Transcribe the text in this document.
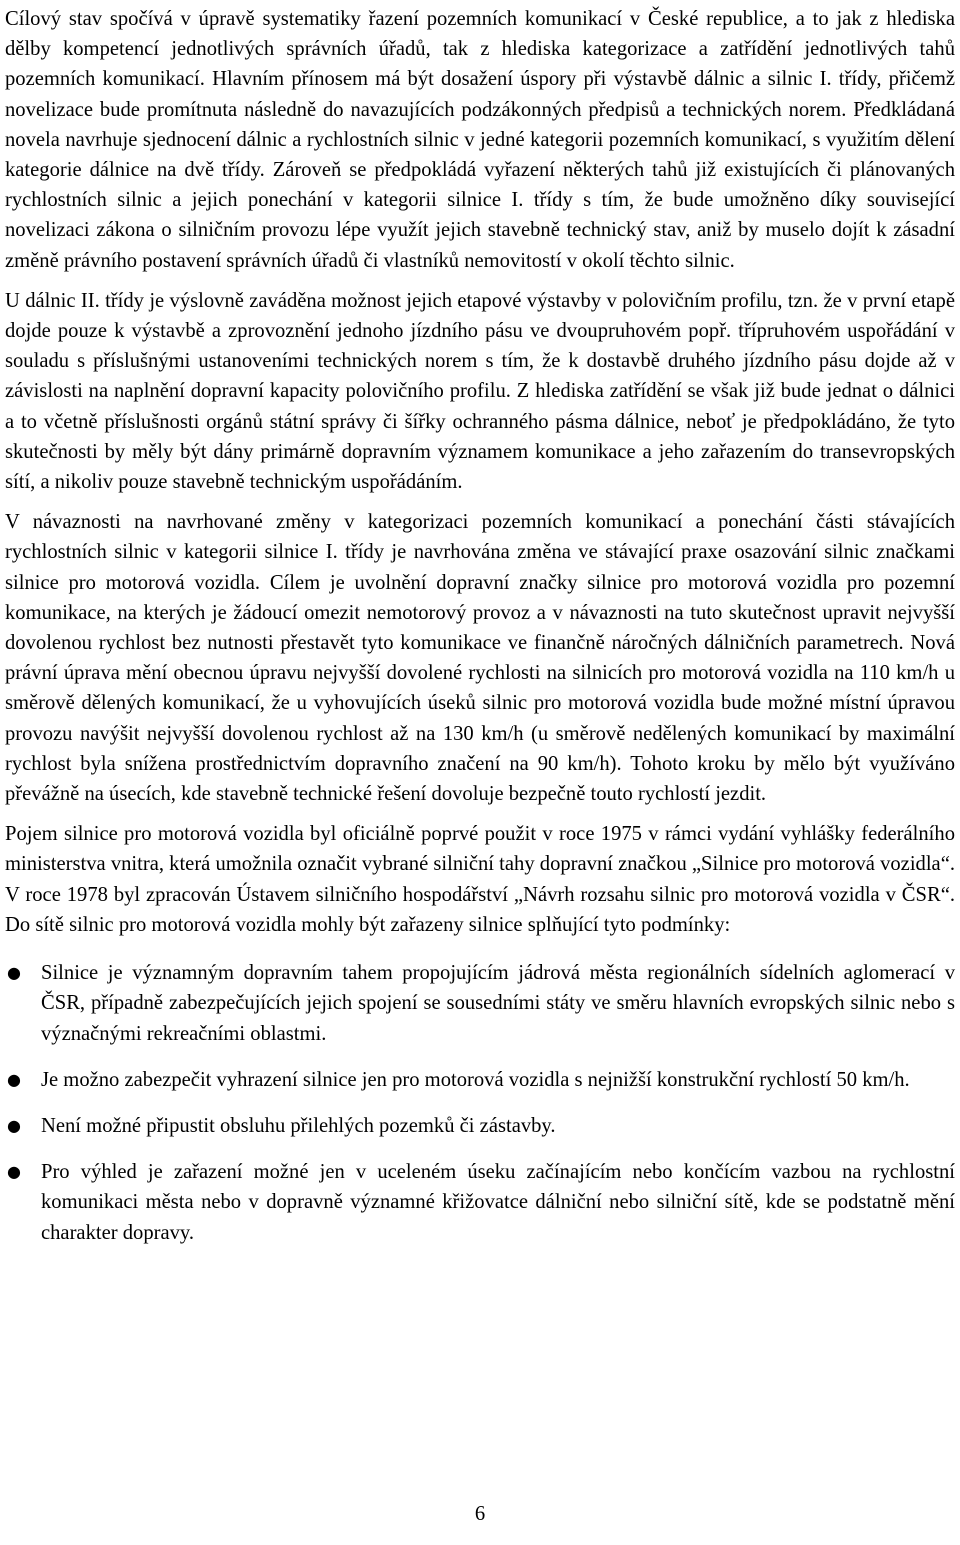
Cílový stav spočívá v úpravě systematiky řazení pozemních komunikací v České republice, a to jak z hlediska dělby kompetencí jednotlivých správních úřadů, tak z hlediska kategorizace a zatřídění jednotlivých tahů pozemních komunikací. Hlavním přínosem má být dosažení úspory při výstavbě dálnic a silnic I. třídy, přičemž novelizace bude promítnuta následně do navazujících podzákonných předpisů a technických norem. Předkládaná novela navrhuje sjednocení dálnic a rychlostních silnic v jedné kategorii pozemních komunikací, s využitím dělení kategorie dálnice na dvě třídy. Zároveň se předpokládá vyřazení některých tahů již existujících či plánovaných rychlostních silnic a jejich ponechání v kategorii silnice I. třídy s tím, že bude umožněno díky související novelizaci zákona o silničním provozu lépe využít jejich stavebně technický stav, aniž by muselo dojít k zásadní změně právního postavení správních úřadů či vlastníků nemovitostí v okolí těchto silnic.

U dálnic II. třídy je výslovně zaváděna možnost jejich etapové výstavby v polovičním profilu, tzn. že v první etapě dojde pouze k výstavbě a zprovoznění jednoho jízdního pásu ve dvoupruhovém popř. třípruhovém uspořádání v souladu s příslušnými ustanoveními technických norem s tím, že k dostavbě druhého jízdního pásu dojde až v závislosti na naplnění dopravní kapacity polovičního profilu. Z hlediska zatřídění se však již bude jednat o dálnici a to včetně příslušnosti orgánů státní správy či šířky ochranného pásma dálnice, neboť je předpokládáno, že tyto skutečnosti by měly být dány primárně dopravním významem komunikace a jeho zařazením do transevropských sítí, a nikoliv pouze stavebně technickým uspořádáním.

V návaznosti na navrhované změny v kategorizaci pozemních komunikací a ponechání části stávajících rychlostních silnic v kategorii silnice I. třídy je navrhována změna ve stávající praxe osazování silnic značkami silnice pro motorová vozidla. Cílem je uvolnění dopravní značky silnice pro motorová vozidla pro pozemní komunikace, na kterých je žádoucí omezit nemotorový provoz a v návaznosti na tuto skutečnost upravit nejvyšší dovolenou rychlost bez nutnosti přestavět tyto komunikace ve finančně náročných dálničních parametrech. Nová právní úprava mění obecnou úpravu nejvyšší dovolené rychlosti na silnicích pro motorová vozidla na 110 km/h u směrově dělených komunikací, že u vyhovujících úseků silnic pro motorová vozidla bude možné místní úpravou provozu navýšit nejvyšší dovolenou rychlost až na 130 km/h (u směrově nedělených komunikací by maximální rychlost byla snížena prostřednictvím dopravního značení na 90 km/h). Tohoto kroku by mělo být využíváno převážně na úsecích, kde stavebně technické řešení dovoluje bezpečně touto rychlostí jezdit.

Pojem silnice pro motorová vozidla byl oficiálně poprvé použit v roce 1975 v rámci vydání vyhlášky federálního ministerstva vnitra, která umožnila označit vybrané silniční tahy dopravní značkou „Silnice pro motorová vozidla“. V roce 1978 byl zpracován Ústavem silničního hospodářství „Návrh rozsahu silnic pro motorová vozidla v ČSR“. Do sítě silnic pro motorová vozidla mohly být zařazeny silnice splňující tyto podmínky:

● Silnice je významným dopravním tahem propojujícím jádrová města regionálních sídelních aglomerací v ČSR, případně zabezpečujících jejich spojení se sousedními státy ve směru hlavních evropských silnic nebo s význačnými rekreačními oblastmi.
● Je možno zabezpečit vyhrazení silnice jen pro motorová vozidla s nejnižší konstrukční rychlostí 50 km/h.
● Není možné připustit obsluhu přilehlých pozemků či zástavby.
● Pro výhled je zařazení možné jen v uceleném úseku začínajícím nebo končícím vazbou na rychlostní komunikaci města nebo v dopravně významné křižovatce dálniční nebo silniční sítě, kde se podstatně mění charakter dopravy.
6
